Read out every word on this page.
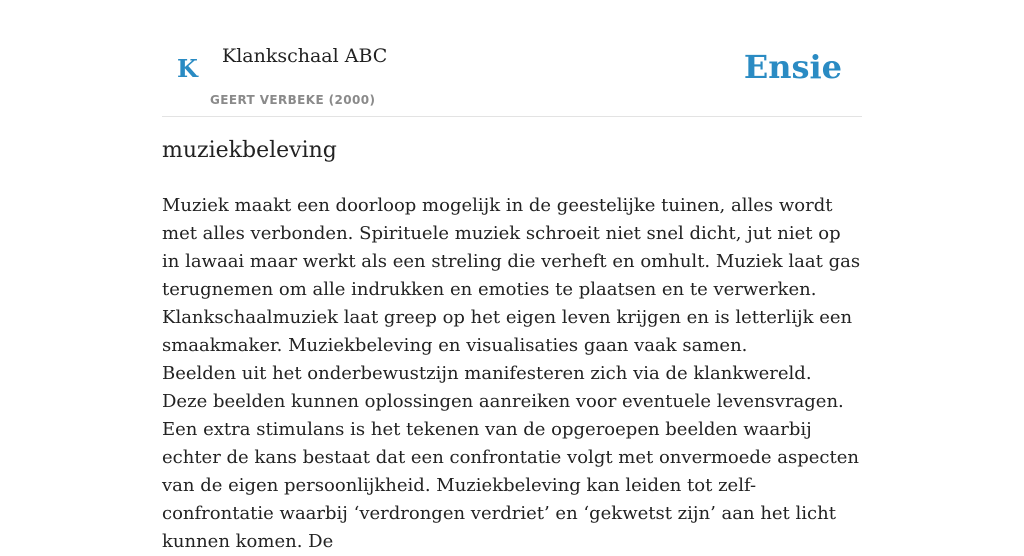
K Klankschaal ABC
GEERT VERBEKE (2000)
Ensie
muziekbeleving

Muziek maakt een doorloop mogelijk in de geestelijke tuinen, alles wordt met alles verbonden. Spirituele muziek schroeit niet snel dicht, jut niet op in lawaai maar werkt als een streling die verheft en omhult. Muziek laat gas terugnemen om alle indrukken en emoties te plaatsen en te verwerken. Klankschaalmuziek laat greep op het eigen leven krijgen en is letterlijk een smaakmaker. Muziekbeleving en visualisaties gaan vaak samen.

Beelden uit het onderbewustzijn manifesteren zich via de klankwereld. Deze beelden kunnen oplossingen aanreiken voor eventuele levensvragen. Een extra stimulans is het tekenen van de opgeroepen beelden waarbij echter de kans bestaat dat een confrontatie volgt met onvermoede aspecten van de eigen persoonlijkheid. Muziekbeleving kan leiden tot zelf-confrontatie waarbij ‘verdrongen verdriet’ en ‘gekwetst zijn’ aan het licht kunnen komen. De
